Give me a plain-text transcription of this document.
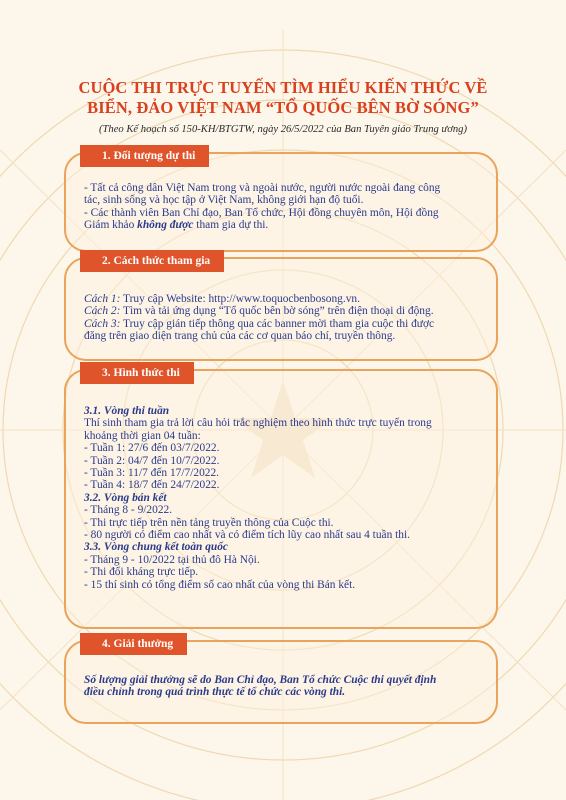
CUỘC THI TRỰC TUYẾN TÌM HIỂU KIẾN THỨC VỀ
BIỂN, ĐẢO VIỆT NAM “TỔ QUỐC BÊN BỜ SÓNG”
(Theo Kế hoạch số 150-KH/BTGTW, ngày 26/5/2022 của Ban Tuyên giáo Trung ương)
1. Đối tượng dự thi

- Tất cả công dân Việt Nam trong và ngoài nước, người nước ngoài đang công

tác, sinh sống và học tập ở Việt Nam, không giới hạn độ tuổi.

- Các thành viên Ban Chỉ đạo, Ban Tổ chức, Hội đồng chuyên môn, Hội đồng

Giám khảo không được tham gia dự thi.

2. Cách thức tham gia

Cách 1: Truy cập Website: http://www.toquocbenbosong.vn.

Cách 2: Tìm và tải ứng dụng “Tổ quốc bên bờ sóng” trên điện thoại di động.

Cách 3: Truy cập gián tiếp thông qua các banner mời tham gia cuộc thi được

đăng trên giao diện trang chủ của các cơ quan báo chí, truyền thông.

3. Hình thức thi

3.1. Vòng thi tuần

Thí sinh tham gia trả lời câu hỏi trắc nghiệm theo hình thức trực tuyến trong

khoảng thời gian 04 tuần:

- Tuần 1: 27/6 đến 03/7/2022.

- Tuần 2: 04/7 đến 10/7/2022.

- Tuần 3: 11/7 đến 17/7/2022.

- Tuần 4: 18/7 đến 24/7/2022.

3.2. Vòng bán kết

- Tháng 8 - 9/2022.

- Thi trực tiếp trên nền tảng truyền thông của Cuộc thi.

- 80 người có điểm cao nhất và có điểm tích lũy cao nhất sau 4 tuần thi.

3.3. Vòng chung kết toàn quốc

- Tháng 9 - 10/2022 tại thủ đô Hà Nội.

- Thi đối kháng trực tiếp.

- 15 thí sinh có tổng điểm số cao nhất của vòng thi Bán kết.

4. Giải thưởng

Số lượng giải thưởng sẽ do Ban Chỉ đạo, Ban Tổ chức Cuộc thi quyết định

điều chỉnh trong quá trình thực tế tổ chức các vòng thi.
